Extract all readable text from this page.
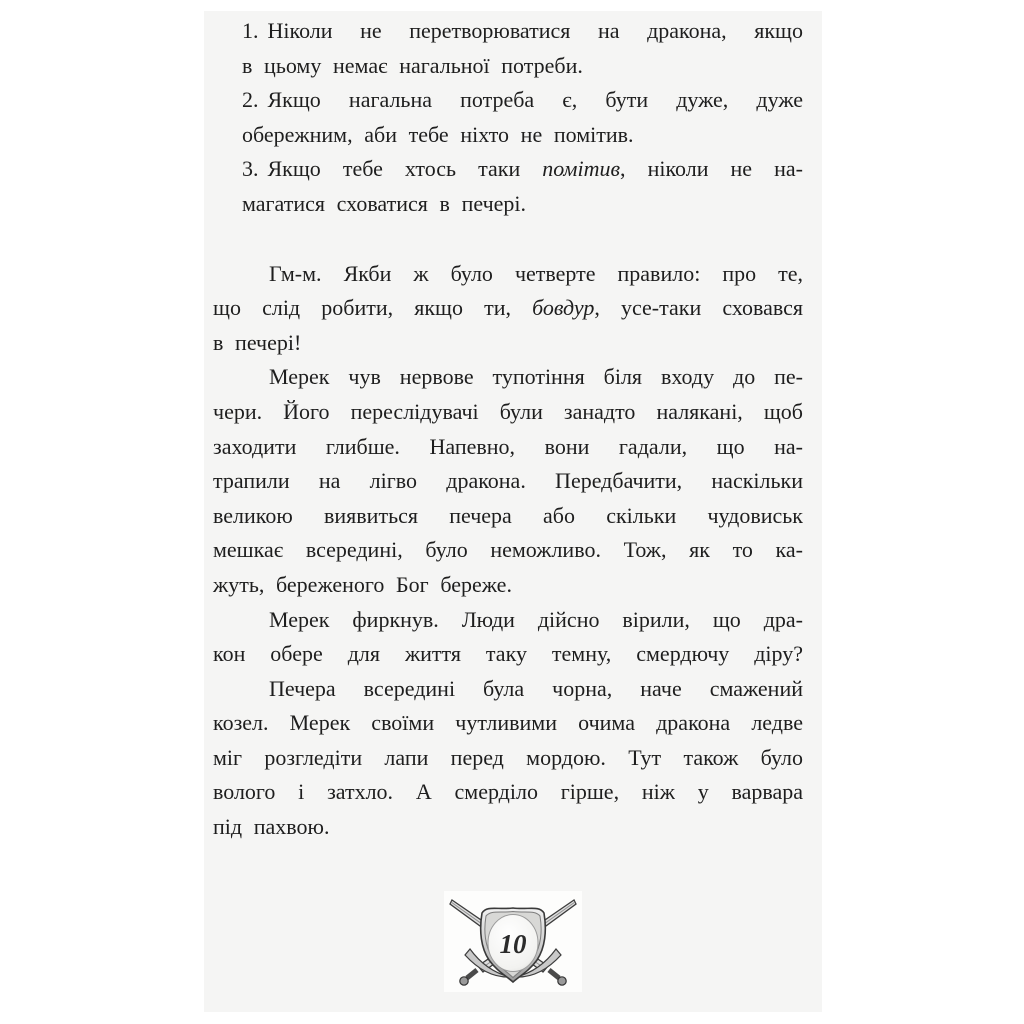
1. Ніколи не перетворюватися на дракона, якщо
в цьому немає нагальної потреби.
2. Якщо нагальна потреба є, бути дуже, дуже
обережним, аби тебе ніхто не помітив.
3. Якщо тебе хтось таки помітив, ніколи не на-
магатися сховатися в печері.
Гм-м. Якби ж було четверте правило: про те,
що слід робити, якщо ти, бовдур, усе-таки сховався
в печері!
Мерек чув нервове тупотіння біля входу до пе-
чери. Його переслідувачі були занадто налякані, щоб
заходити глибше. Напевно, вони гадали, що на-
трапили на лігво дракона. Передбачити, наскільки
великою виявиться печера або скільки чудовиськ
мешкає всередині, було неможливо. Тож, як то ка-
жуть, береженого Бог береже.
Мерек фиркнув. Люди дійсно вірили, що дра-
кон обере для життя таку темну, смердючу діру?
Печера всередині була чорна, наче смажений
козел. Мерек своїми чутливими очима дракона ледве
міг розгледіти лапи перед мордою. Тут також було
волого і затхло. А смерділо гірше, ніж у варвара
під пахвою.
10
